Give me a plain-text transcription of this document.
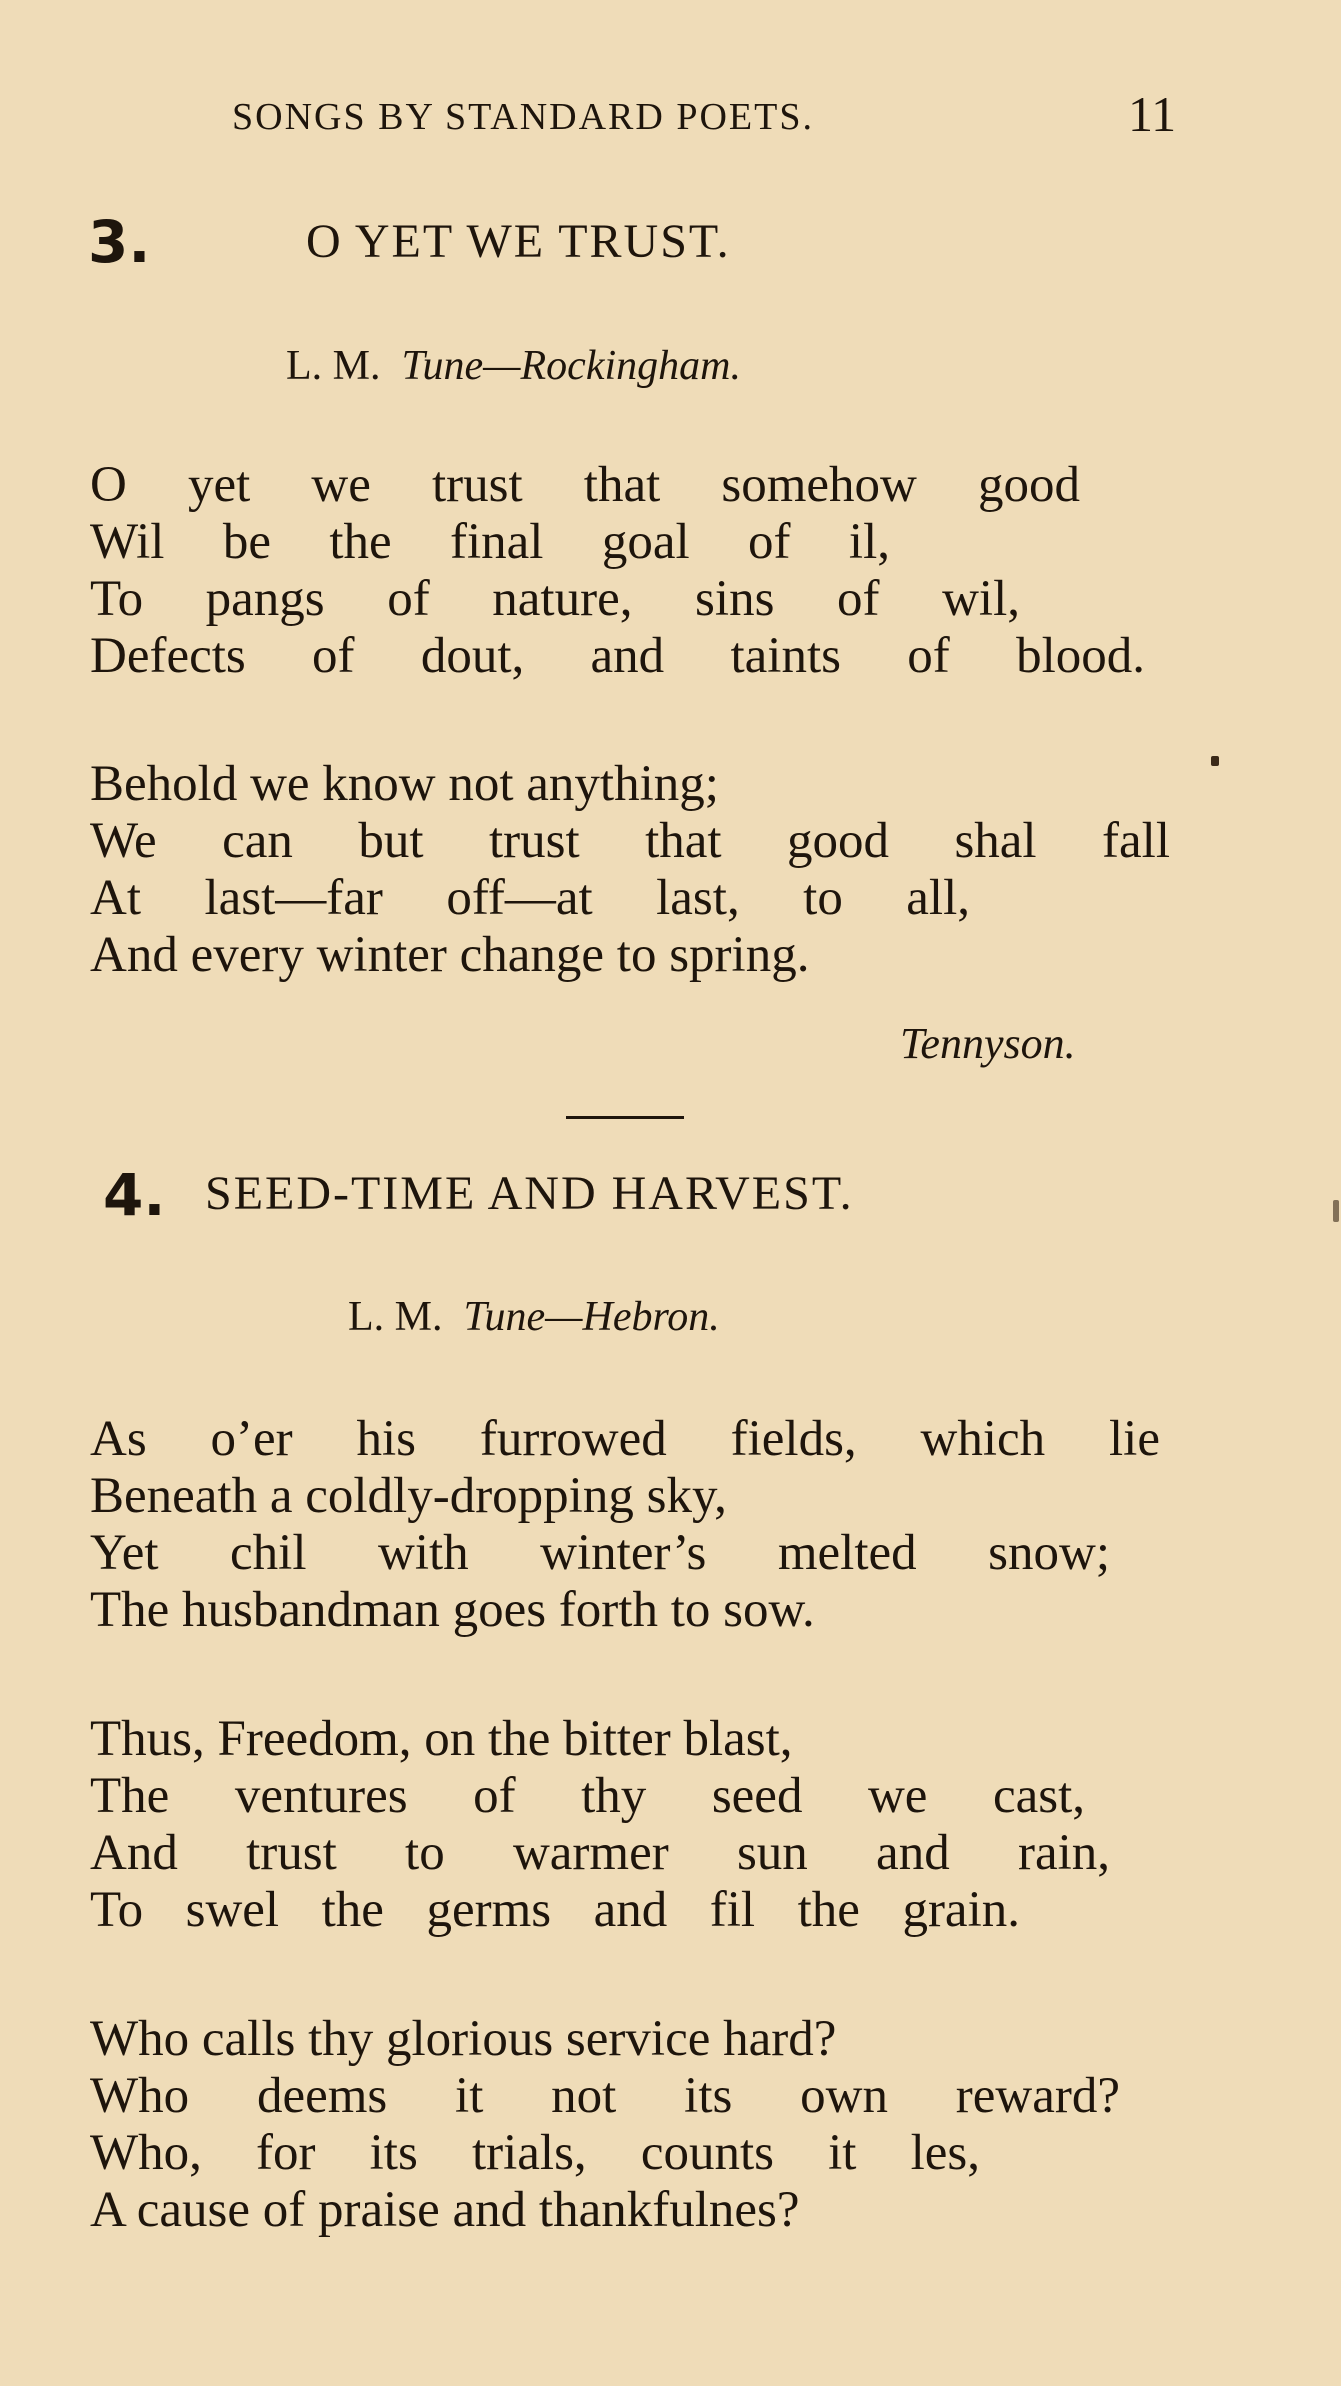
SONGS BY STANDARD POETS.	11
3.	O YET WE TRUST.
L. M. Tune—Rockingham.
O yet we trust that somehow good
Wil be the final goal of il,
To pangs of nature, sins of wil,
Defects of dout, and taints of blood.
Behold we know not anything;
We can but trust that good shal fall
At last—far off—at last, to all,
And every winter change to spring.
Tennyson.
4. SEED-TIME AND HARVEST.
L. M. Tune—Hebron.
As o’er his furrowed fields, which lie
Beneath a coldly-dropping sky,
Yet chil with winter’s melted snow;
The husbandman goes forth to sow.
Thus, Freedom, on the bitter blast,
The ventures of thy seed we cast,
And trust to warmer sun and rain,
To swel the germs and fil the grain.
Who calls thy glorious service hard?
Who deems it not its own reward?
Who, for its trials, counts it les,
A cause of praise and thankfulnes?
